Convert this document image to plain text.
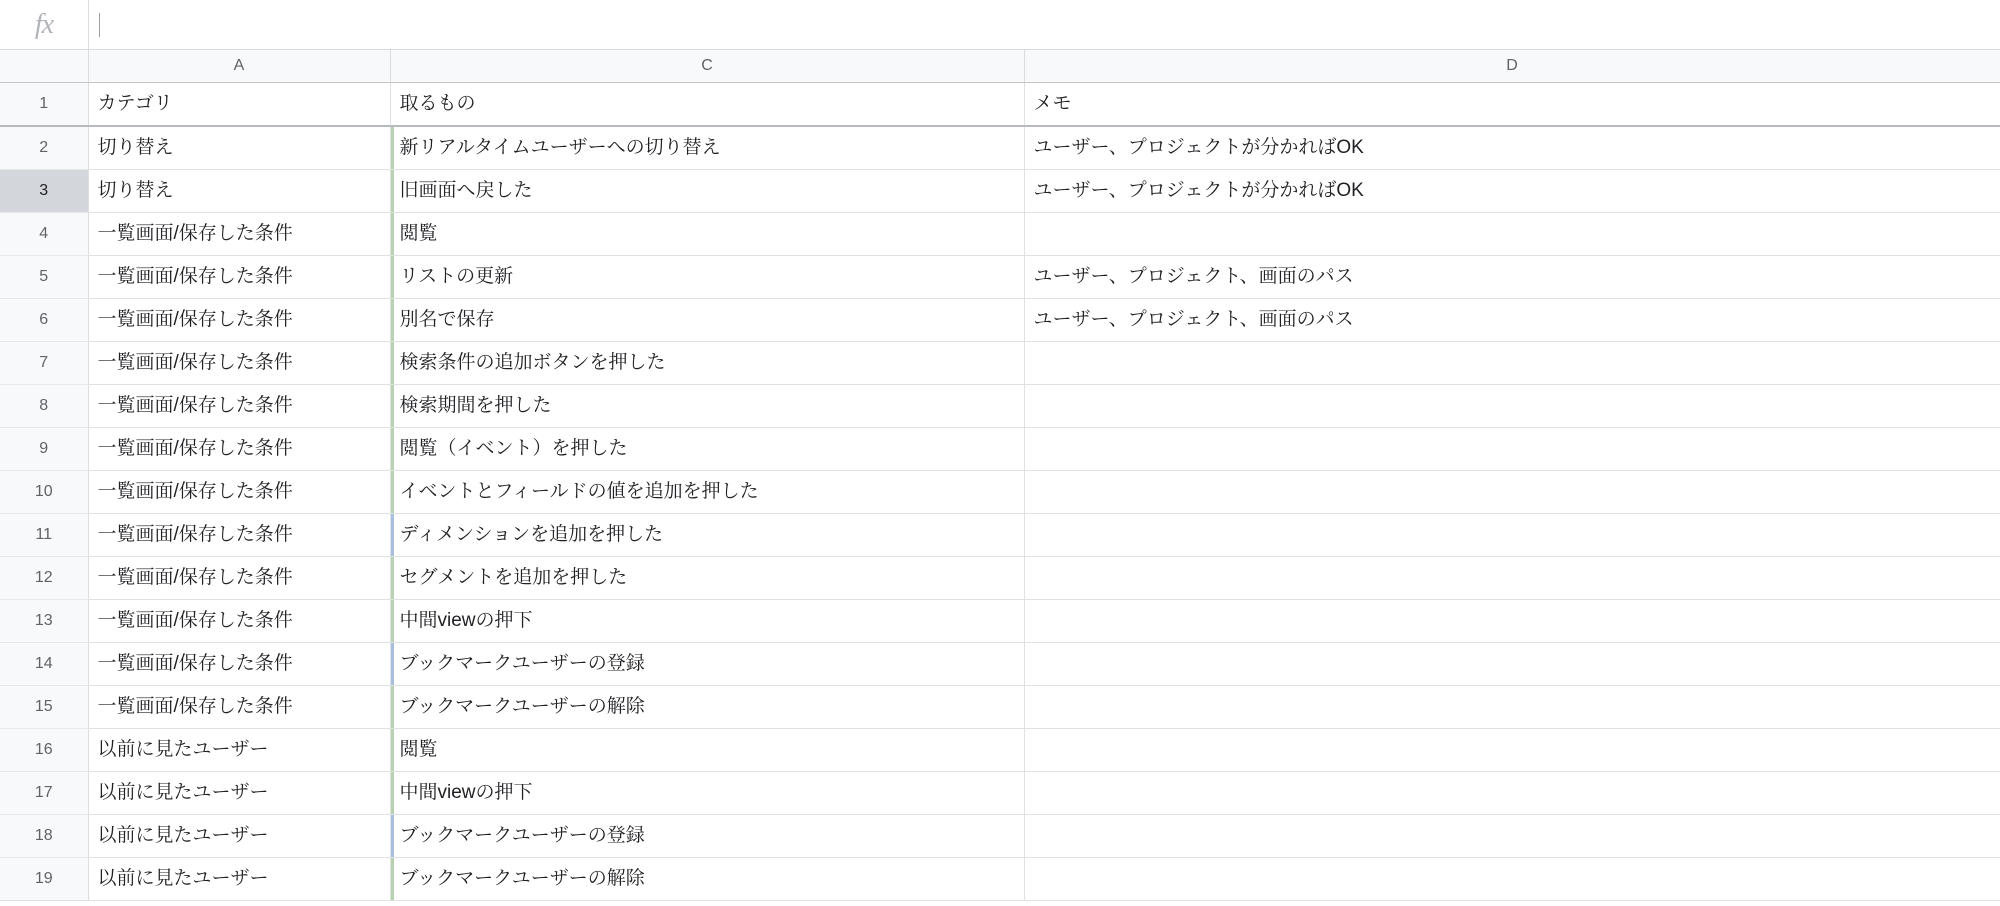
fx
	A	C	D
1	カテゴリ	取るもの	メモ
2	切り替え	新リアルタイムユーザーへの切り替え	ユーザー、プロジェクトが分かればOK
3	切り替え	旧画面へ戻した	ユーザー、プロジェクトが分かればOK
4	一覧画面/保存した条件	閲覧	
5	一覧画面/保存した条件	リストの更新	ユーザー、プロジェクト、画面のパス
6	一覧画面/保存した条件	別名で保存	ユーザー、プロジェクト、画面のパス
7	一覧画面/保存した条件	検索条件の追加ボタンを押した	
8	一覧画面/保存した条件	検索期間を押した	
9	一覧画面/保存した条件	閲覧（イベント）を押した	
10	一覧画面/保存した条件	イベントとフィールドの値を追加を押した	
11	一覧画面/保存した条件	ディメンションを追加を押した	
12	一覧画面/保存した条件	セグメントを追加を押した	
13	一覧画面/保存した条件	中間viewの押下	
14	一覧画面/保存した条件	ブックマークユーザーの登録	
15	一覧画面/保存した条件	ブックマークユーザーの解除	
16	以前に見たユーザー	閲覧	
17	以前に見たユーザー	中間viewの押下	
18	以前に見たユーザー	ブックマークユーザーの登録	
19	以前に見たユーザー	ブックマークユーザーの解除	
